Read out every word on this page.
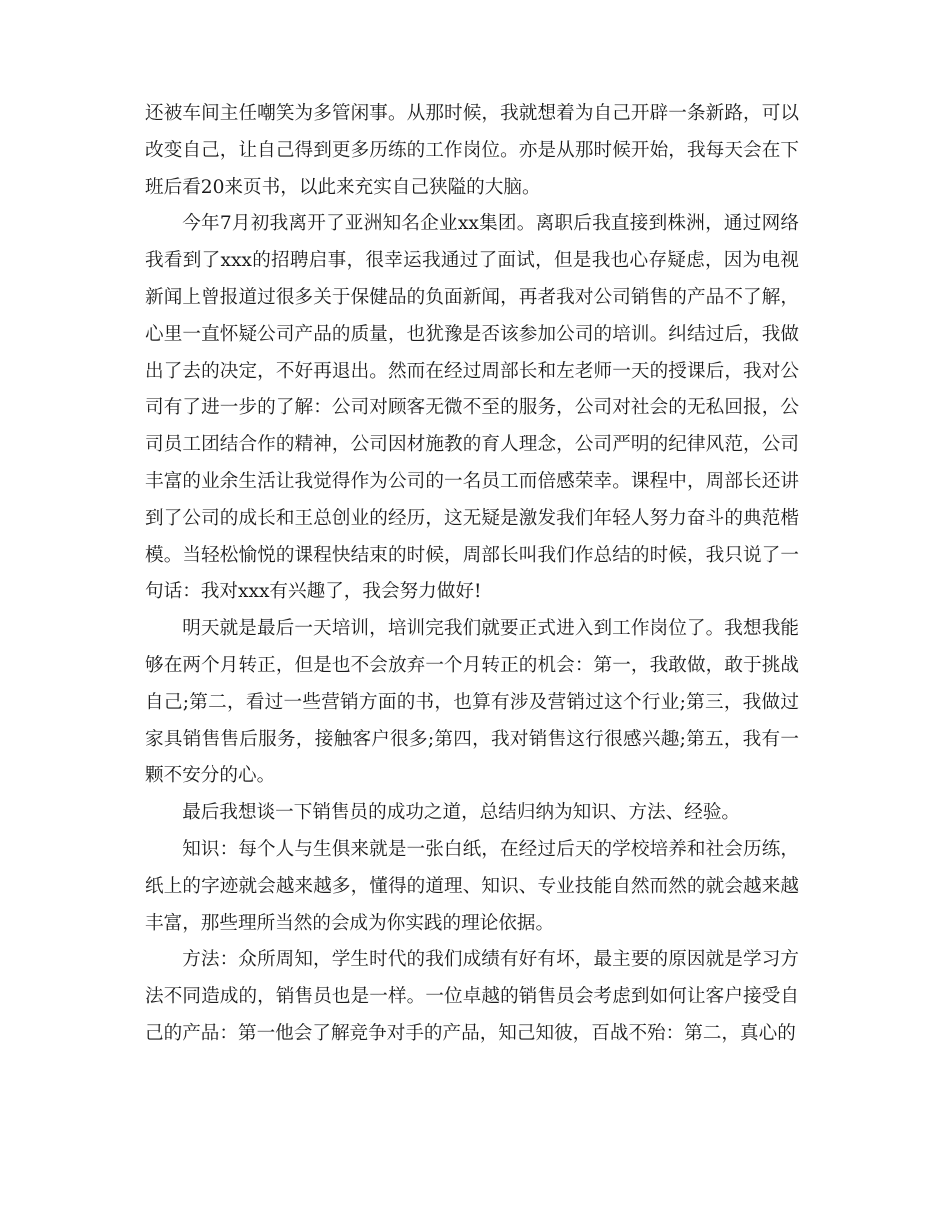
还被车间主任嘲笑为多管闲事。从那时候，我就想着为自己开辟一条新路，可以改变自己，让自己得到更多历练的工作岗位。亦是从那时候开始，我每天会在下班后看20来页书，以此来充实自己狭隘的大脑。

今年7月初我离开了亚洲知名企业xx集团。离职后我直接到株洲，通过网络我看到了xxx的招聘启事，很幸运我通过了面试，但是我也心存疑虑，因为电视新闻上曾报道过很多关于保健品的负面新闻，再者我对公司销售的产品不了解，心里一直怀疑公司产品的质量，也犹豫是否该参加公司的培训。纠结过后，我做出了去的决定，不好再退出。然而在经过周部长和左老师一天的授课后，我对公司有了进一步的了解：公司对顾客无微不至的服务，公司对社会的无私回报，公司员工团结合作的精神，公司因材施教的育人理念，公司严明的纪律风范，公司丰富的业余生活让我觉得作为公司的一名员工而倍感荣幸。课程中，周部长还讲到了公司的成长和王总创业的经历，这无疑是激发我们年轻人努力奋斗的典范楷模。当轻松愉悦的课程快结束的时候，周部长叫我们作总结的时候，我只说了一句话：我对xxx有兴趣了，我会努力做好!

明天就是最后一天培训，培训完我们就要正式进入到工作岗位了。我想我能够在两个月转正，但是也不会放弃一个月转正的机会：第一，我敢做，敢于挑战自己;第二，看过一些营销方面的书，也算有涉及营销过这个行业;第三，我做过家具销售售后服务，接触客户很多;第四，我对销售这行很感兴趣;第五，我有一颗不安分的心。

最后我想谈一下销售员的成功之道，总结归纳为知识、方法、经验。

知识：每个人与生俱来就是一张白纸，在经过后天的学校培养和社会历练，纸上的字迹就会越来越多，懂得的道理、知识、专业技能自然而然的就会越来越丰富，那些理所当然的会成为你实践的理论依据。

方法：众所周知，学生时代的我们成绩有好有坏，最主要的原因就是学习方法不同造成的，销售员也是一样。一位卓越的销售员会考虑到如何让客户接受自己的产品：第一他会了解竞争对手的产品，知己知彼，百战不殆：第二，真心的
